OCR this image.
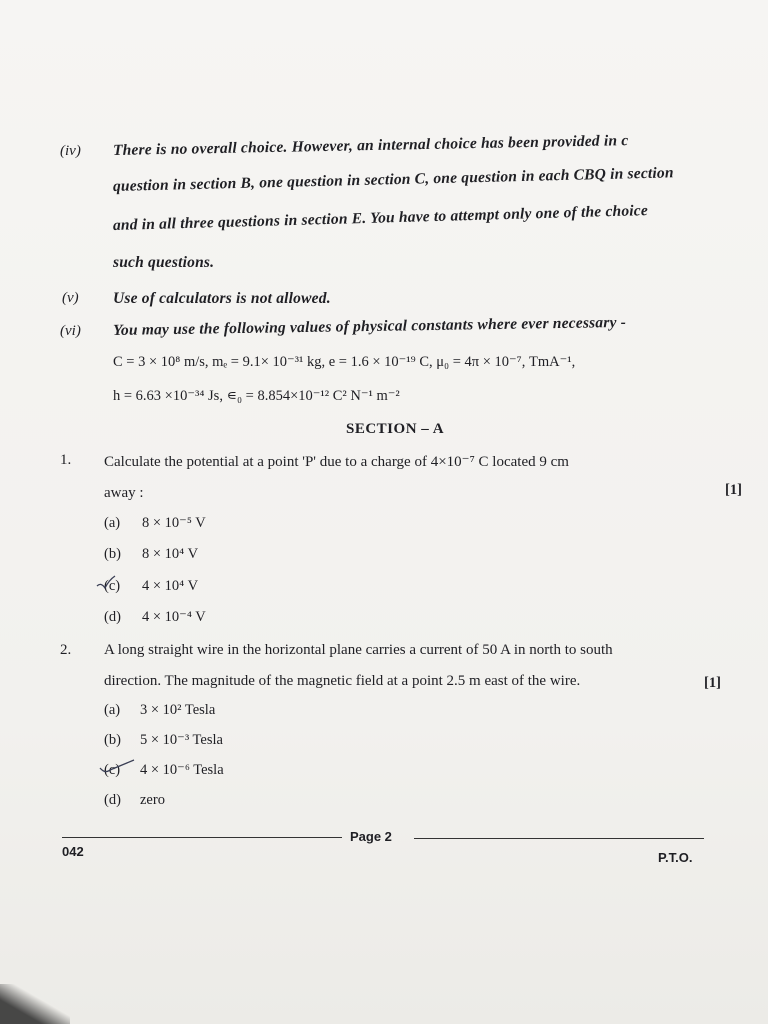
(iv) There is no overall choice. However, an internal choice has been provided in c
question in section B, one question in section C, one question in each CBQ in section
and in all three questions in section E. You have to attempt only one of the choice
such questions.
(v) Use of calculators is not allowed.
(vi) You may use the following values of physical constants where ever necessary -
C = 3 × 10⁸ m/s, mₑ = 9.1× 10⁻³¹ kg, e = 1.6 × 10⁻¹⁹ C, μ₀ = 4π × 10⁻⁷, TmA⁻¹,
h = 6.63 ×10⁻³⁴ Js, ∊₀ = 8.854×10⁻¹² C² N⁻¹ m⁻²
SECTION – A
1. Calculate the potential at a point 'P' due to a charge of 4×10⁻⁷ C located 9 cm
away :	[1]
(a) 8 × 10⁻⁵ V
(b) 8 × 10⁴ V
(c) 4 × 10⁴ V
(d) 4 × 10⁻⁴ V
2. A long straight wire in the horizontal plane carries a current of 50 A in north to south
direction. The magnitude of the magnetic field at a point 2.5 m east of the wire.	[1]
(a) 3 × 10² Tesla
(b) 5 × 10⁻³ Tesla
(c) 4 × 10⁻⁶ Tesla
(d) zero
Page 2
042	P.T.O.
